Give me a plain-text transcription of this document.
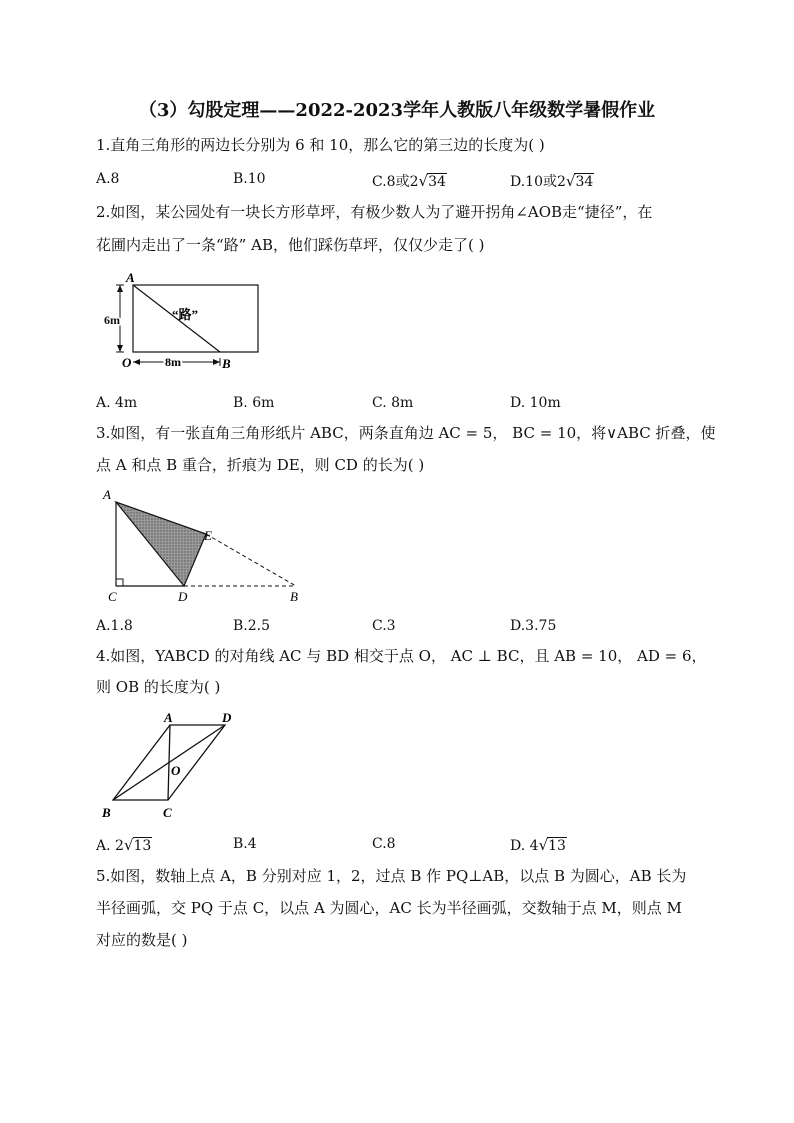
（3）勾股定理——2022-2023学年人教版八年级数学暑假作业
1.直角三角形的两边长分别为 6 和 10，那么它的第三边的长度为( )
A.8	B.10	C.8或2√34	D.10或2√34
2.如图，某公园处有一块长方形草坪，有极少数人为了避开拐角∠AOB走“捷径”，在
花圃内走出了一条“路” AB，他们踩伤草坪，仅仅少走了( )
A
O	B
“路”
6m
8m
A. 4m	B. 6m	C. 8m	D. 10m
3.如图，有一张直角三角形纸片 ABC，两条直角边 AC = 5， BC = 10，将∨ABC 折叠，使
点 A 和点 B 重合，折痕为 DE，则 CD 的长为( )
A
E
C	D	B
A.1.8	B.2.5	C.3	D.3.75
4.如图，YABCD 的对角线 AC 与 BD 相交于点 O， AC ⊥ BC，且 AB = 10， AD = 6，
则 OB 的长度为( )
A	D
O
B	C
A. 2√13	B.4	C.8	D. 4√13
5.如图，数轴上点 A，B 分别对应 1，2，过点 B 作 PQ⊥AB，以点 B 为圆心，AB 长为
半径画弧，交 PQ 于点 C，以点 A 为圆心，AC 长为半径画弧，交数轴于点 M，则点 M
对应的数是( )
